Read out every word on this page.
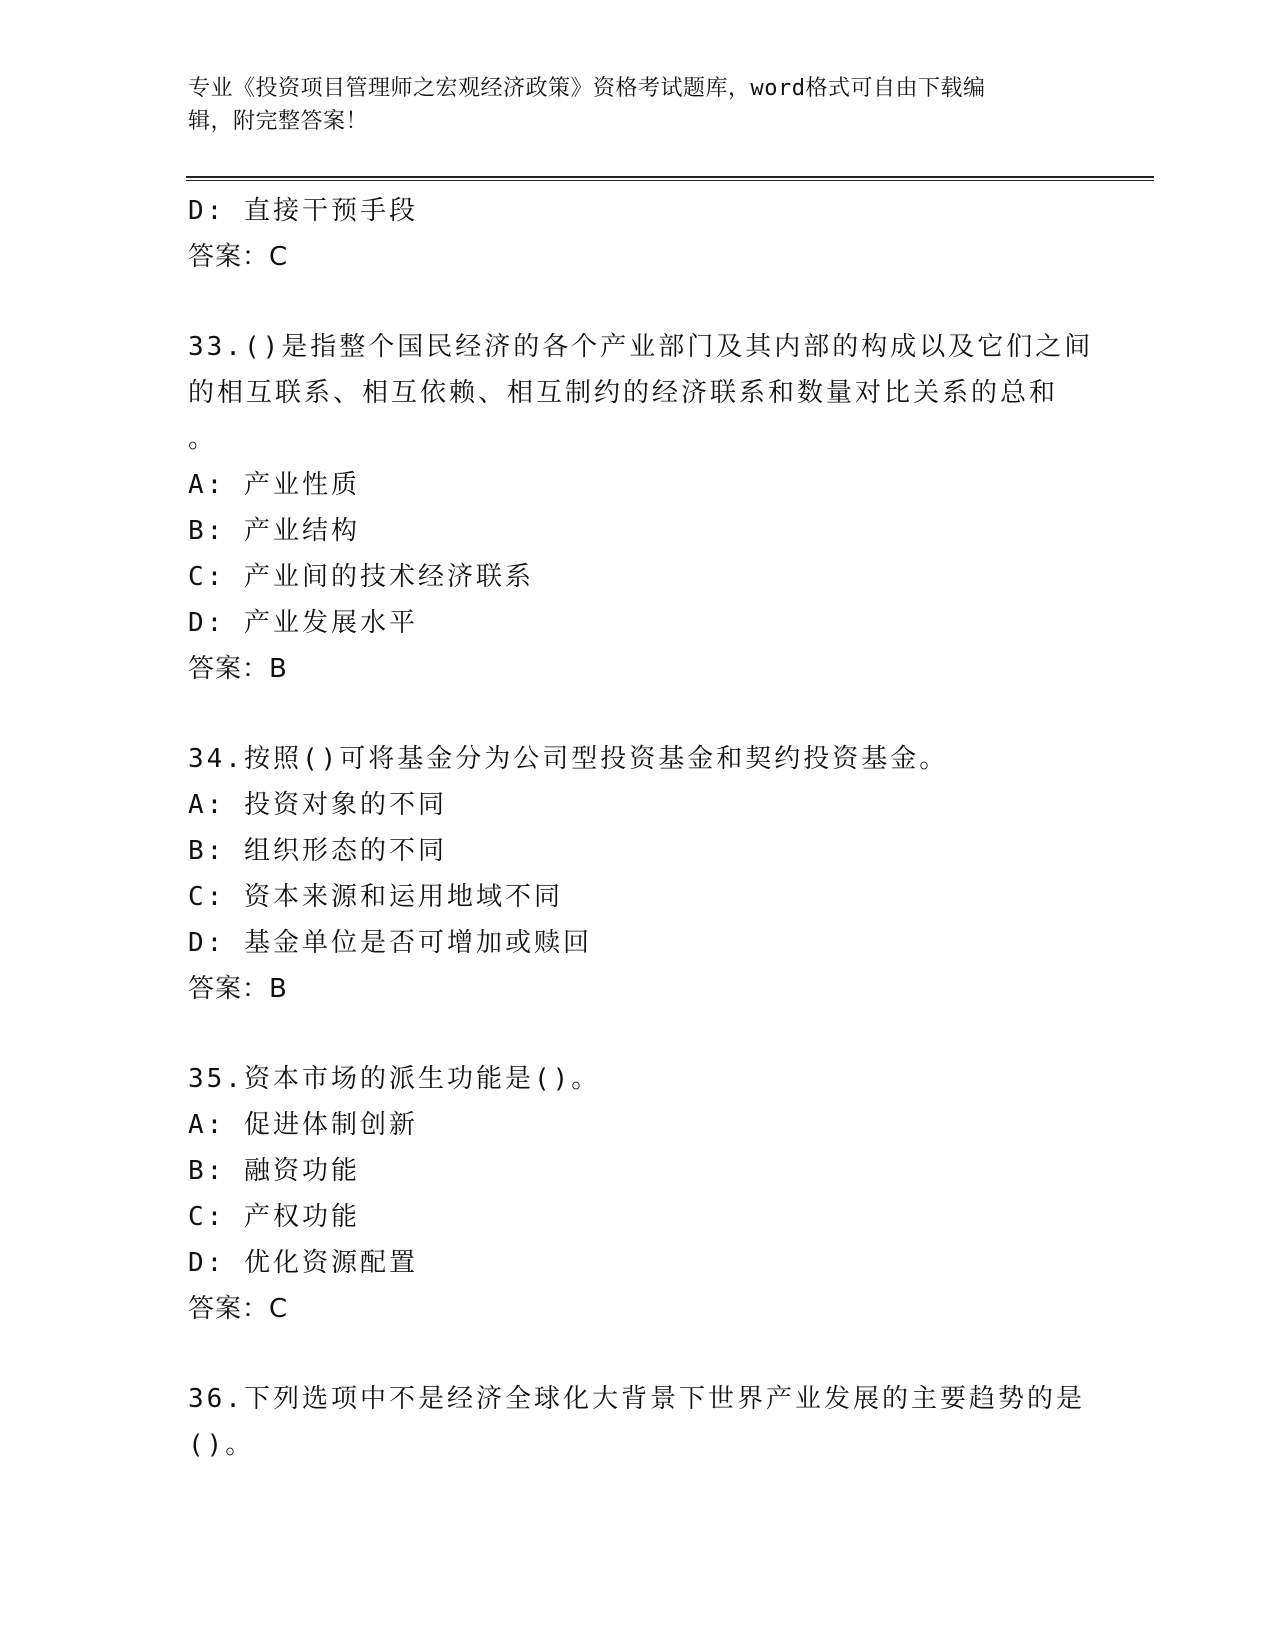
专业《投资项目管理师之宏观经济政策》资格考试题库，word格式可自由下载编
辑，附完整答案！
D: 直接干预手段
答案：C
33.()是指整个国民经济的各个产业部门及其内部的构成以及它们之间
的相互联系、相互依赖、相互制约的经济联系和数量对比关系的总和
。
A: 产业性质
B: 产业结构
C: 产业间的技术经济联系
D: 产业发展水平
答案：B
34.按照()可将基金分为公司型投资基金和契约投资基金。
A: 投资对象的不同
B: 组织形态的不同
C: 资本来源和运用地域不同
D: 基金单位是否可增加或赎回
答案：B
35.资本市场的派生功能是()。
A: 促进体制创新
B: 融资功能
C: 产权功能
D: 优化资源配置
答案：C
36.下列选项中不是经济全球化大背景下世界产业发展的主要趋势的是
()。
